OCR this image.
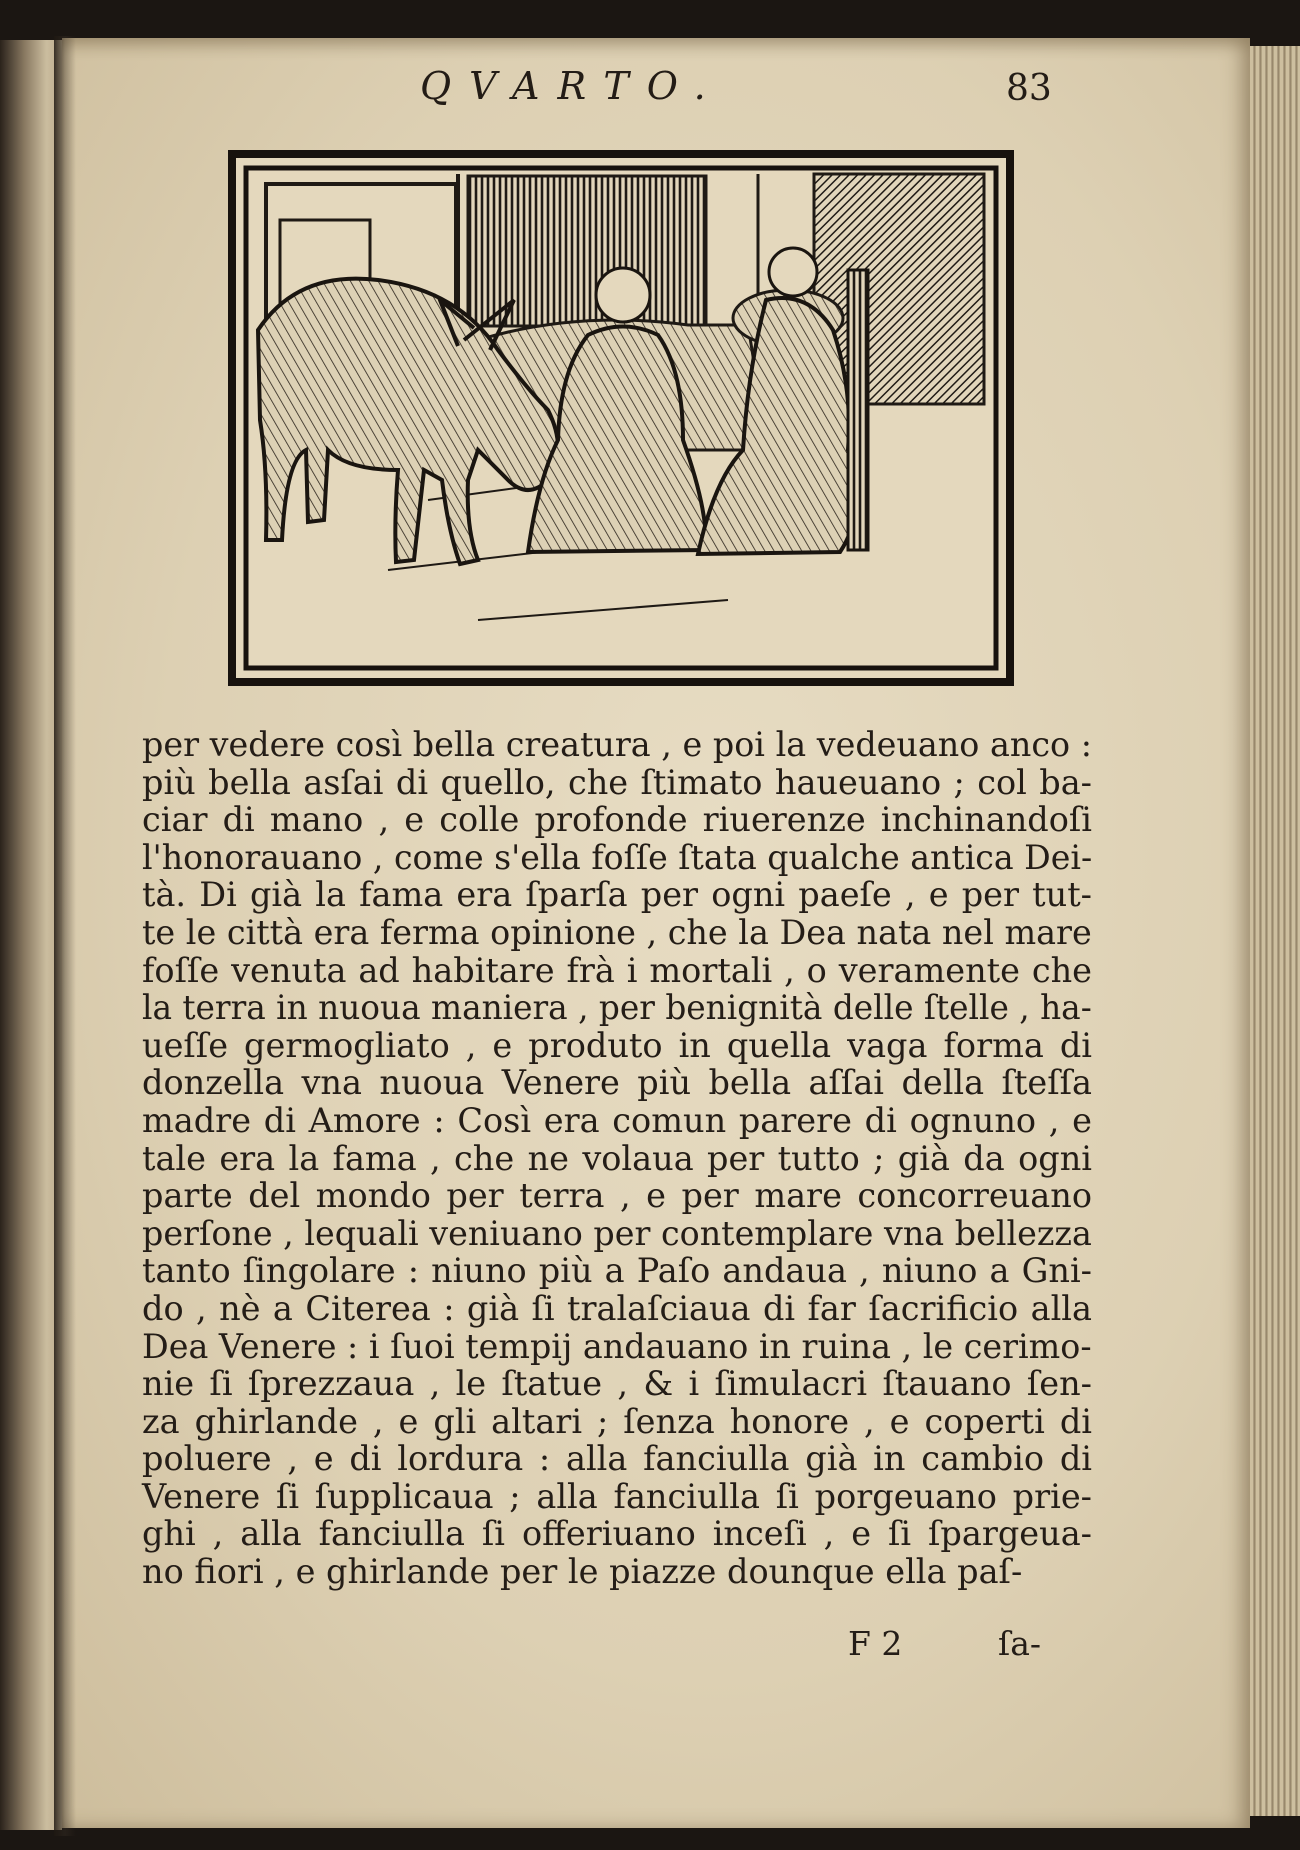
QVARTO.	83
per vedere così bella creatura , e poi la vedeuano anco :
più bella asſai di quello, che ſtimato haueuano ; col ba-
ciar di mano , e colle profonde riuerenze inchinandoſi
l'honorauano , come s'ella foſſe ſtata qualche antica Dei-
tà. Di già la fama era ſparſa per ogni paeſe , e per tut-
te le città era ferma opinione , che la Dea nata nel mare
foſſe venuta ad habitare frà i mortali , o veramente che
la terra in nuoua maniera , per benignità delle ſtelle , ha-
ueſſe germogliato , e produto in quella vaga forma di
donzella vna nuoua Venere più bella aſſai della ſteſſa
madre di Amore : Così era comun parere di ognuno , e
tale era la fama , che ne volaua per tutto ; già da ogni
parte del mondo per terra , e per mare concorreuano
perſone , lequali veniuano per contemplare vna bellezza
tanto ſingolare : niuno più a Paſo andaua , niuno a Gni-
do , nè a Citerea : già ſi tralaſciaua di far ſacrificio alla
Dea Venere : i ſuoi tempij andauano in ruina , le cerimo-
nie ſi ſprezzaua , le ſtatue , & i ſimulacri ſtauano ſen-
za ghirlande , e gli altari ; ſenza honore , e coperti di
poluere , e di lordura : alla fanciulla già in cambio di
Venere ſi ſupplicaua ; alla fanciulla ſi porgeuano prie-
ghi , alla fanciulla ſi offeriuano inceſi , e ſi ſpargeua-
no fiori , e ghirlande per le piazze dounque ella paſ-
F 2	ſa-
